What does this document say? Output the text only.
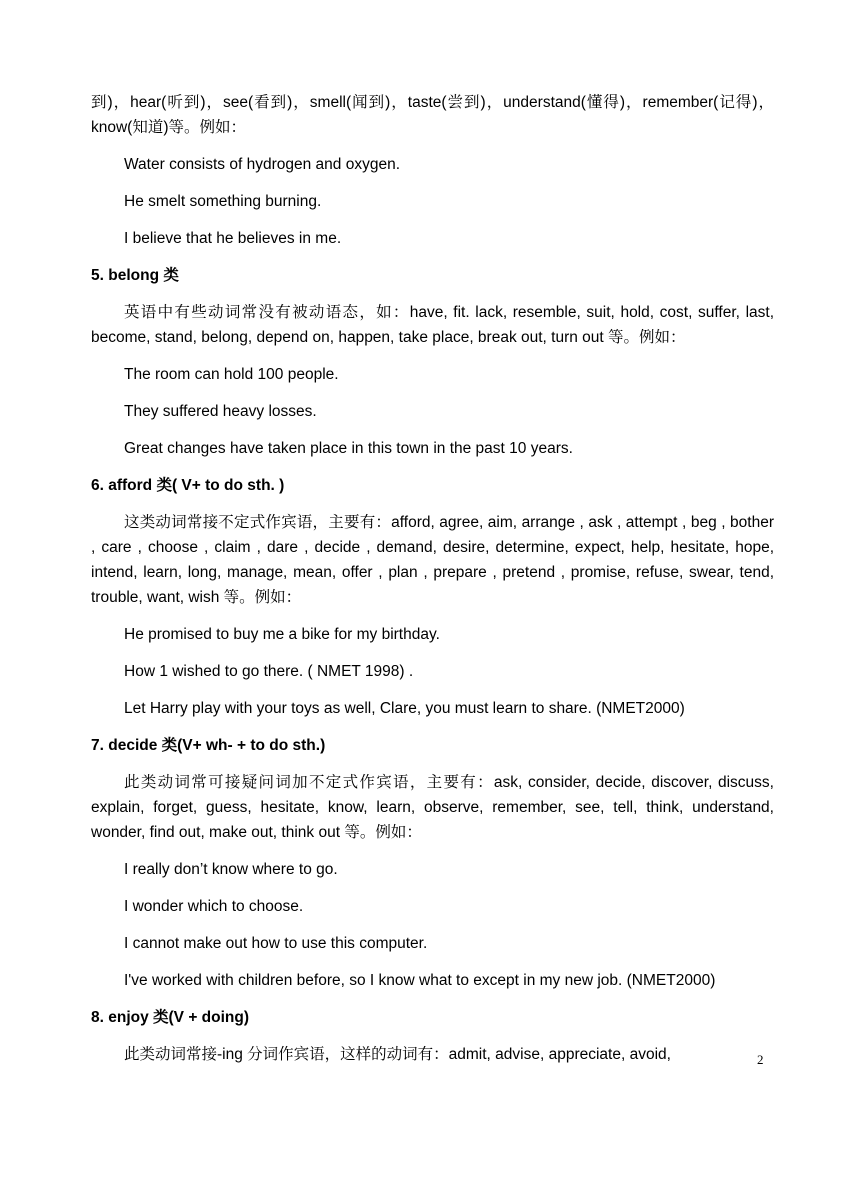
到)，hear(听到)，see(看到)，smell(闻到)，taste(尝到)，understand(懂得)，remember(记得)，know(知道)等。例如：

Water consists of hydrogen and oxygen.

He smelt something burning.

I believe that he believes in me.

5. belong 类

英语中有些动词常没有被动语态，如：have, fit. lack, resemble, suit, hold, cost, suffer, last, become, stand, belong, depend on, happen, take place, break out, turn out 等。例如：

The room can hold 100 people.

They suffered heavy losses.

Great changes have taken place in this town in the past 10 years.

6. afford 类( V+ to do sth. )

这类动词常接不定式作宾语，主要有：afford, agree, aim, arrange , ask , attempt , beg , bother , care , choose , claim , dare , decide , demand, desire, determine, expect, help, hesitate, hope, intend, learn, long, manage, mean, offer , plan , prepare , pretend , promise, refuse, swear, tend, trouble, want, wish 等。例如：

He promised to buy me a bike for my birthday.

How 1 wished to go there. ( NMET 1998) .

Let Harry play with your toys as well, Clare, you must learn to share. (NMET2000)

7. decide 类(V+ wh- + to do sth.)

此类动词常可接疑问词加不定式作宾语，主要有：ask, consider, decide, discover, discuss, explain, forget, guess, hesitate, know, learn, observe, remember, see, tell, think, understand, wonder, find out, make out, think out 等。例如：

I really don’t know where to go.

I wonder which to choose.

I cannot make out how to use this computer.

I've worked with children before, so I know what to except in my new job. (NMET2000)

8. enjoy 类(V + doing)

此类动词常接-ing 分词作宾语，这样的动词有：admit, advise, appreciate, avoid,	2
